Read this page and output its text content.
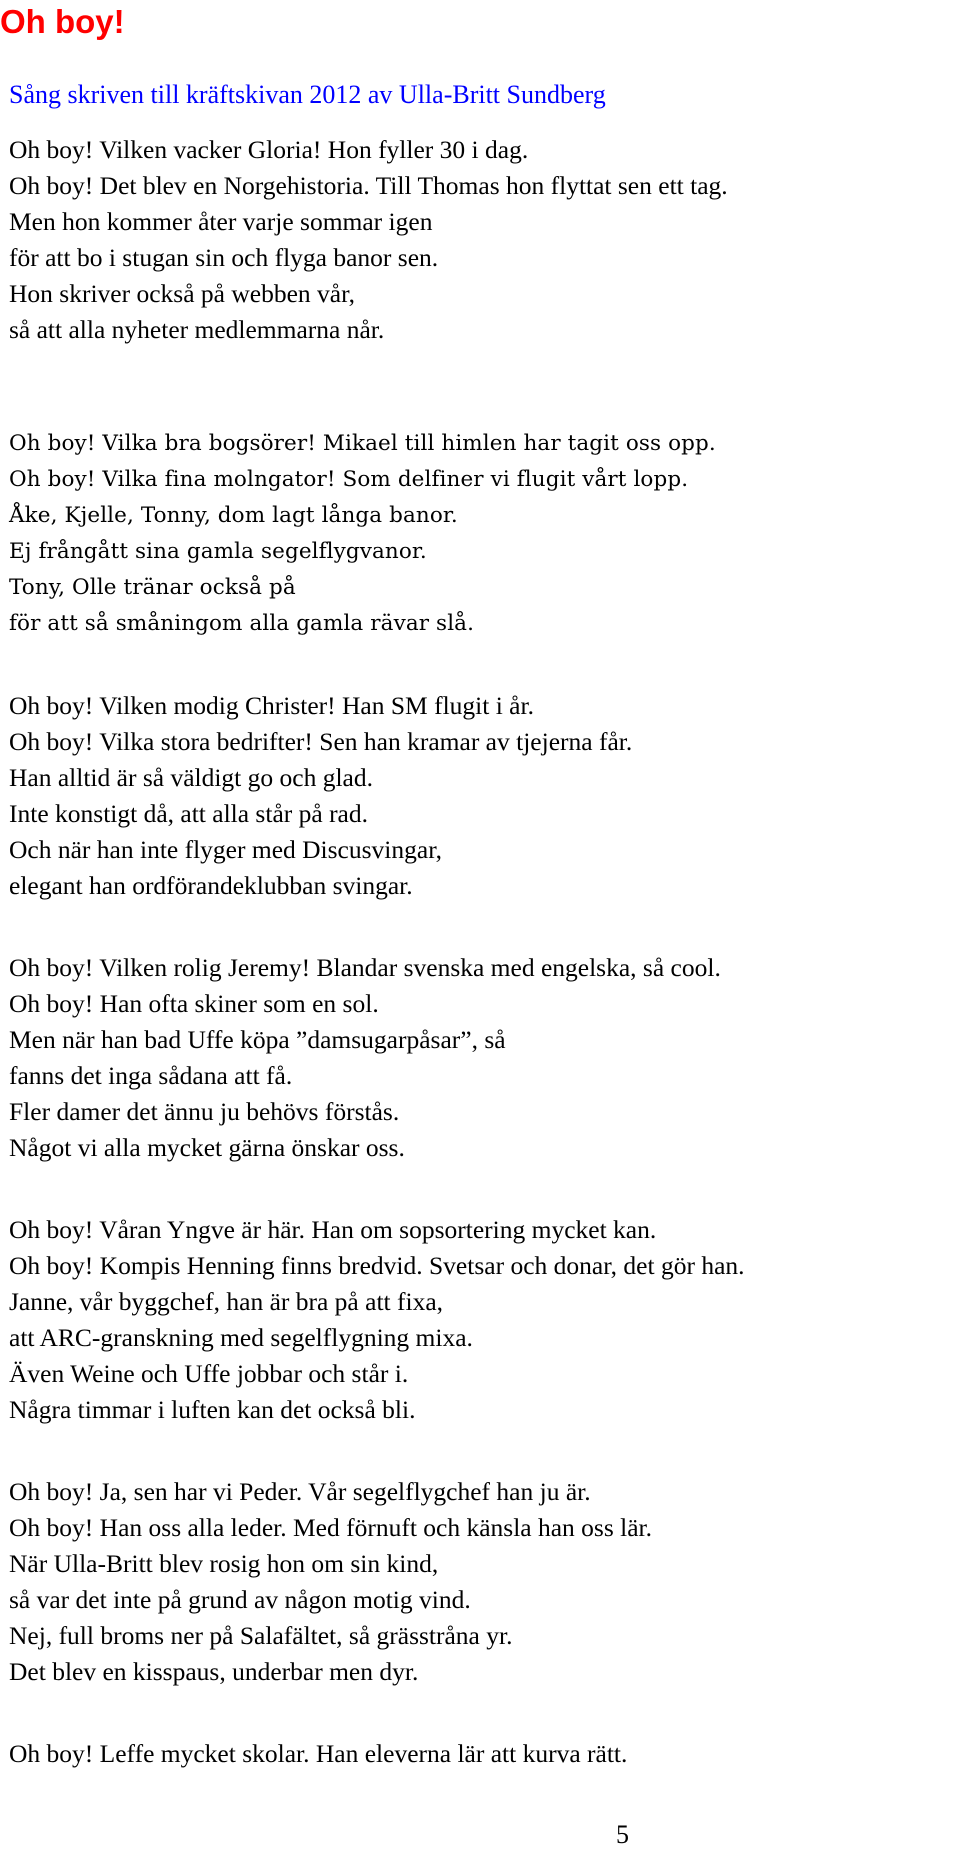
Oh boy!

Sång skriven till kräftskivan 2012 av Ulla-Britt Sundberg

Oh boy! Vilken vacker Gloria! Hon fyller 30 i dag.
Oh boy! Det blev en Norgehistoria. Till Thomas hon flyttat sen ett tag.
Men hon kommer åter varje sommar igen
för att bo i stugan sin och flyga banor sen.
Hon skriver också på webben vår,
så att alla nyheter medlemmarna når.
Oh boy! Vilka bra bogsörer! Mikael till himlen har tagit oss opp.
Oh boy! Vilka fina molngator! Som delfiner vi flugit vårt lopp.
Åke, Kjelle, Tonny, dom lagt långa banor.
Ej frångått sina gamla segelflygvanor.
Tony, Olle tränar också på
för att så småningom alla gamla rävar slå.
Oh boy! Vilken modig Christer! Han SM flugit i år.
Oh boy! Vilka stora bedrifter! Sen han kramar av tjejerna får.
Han alltid är så väldigt go och glad.
Inte konstigt då, att alla står på rad.
Och när han inte flyger med Discusvingar,
elegant han ordförandeklubban svingar.
Oh boy! Vilken rolig Jeremy! Blandar svenska med engelska, så cool.
Oh boy! Han ofta skiner som en sol.
Men när han bad Uffe köpa ”damsugarpåsar”, så
fanns det inga sådana att få.
Fler damer det ännu ju behövs förstås.
Något vi alla mycket gärna önskar oss.
Oh boy! Våran Yngve är här. Han om sopsortering mycket kan.
Oh boy! Kompis Henning finns bredvid. Svetsar och donar, det gör han.
Janne, vår byggchef, han är bra på att fixa,
att ARC-granskning med segelflygning mixa.
Även Weine och Uffe jobbar och står i.
Några timmar i luften kan det också bli.
Oh boy! Ja, sen har vi Peder. Vår segelflygchef han ju är.
Oh boy! Han oss alla leder. Med förnuft och känsla han oss lär.
När Ulla-Britt blev rosig hon om sin kind,
så var det inte på grund av någon motig vind.
Nej, full broms ner på Salafältet, så grässtråna yr.
Det blev en kisspaus, underbar men dyr.
Oh boy! Leffe mycket skolar. Han eleverna lär att kurva rätt.

5
